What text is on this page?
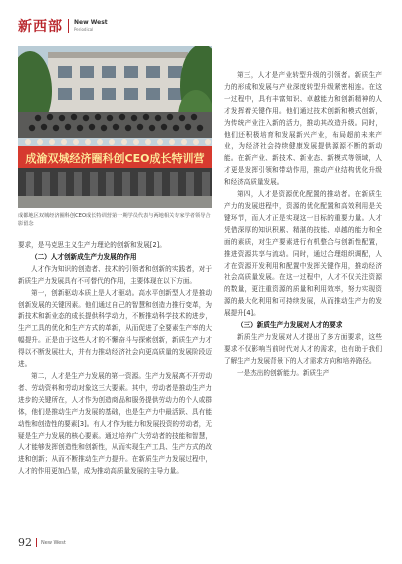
新西部 New West
Periodical
成渝双城经济圈科创CEO成长特训营
成都地区双城经济圈科创CEO成长特训营第一期学员代表与两地相关专家学者领导合影留念

要求，是马克思主义生产力理论的创新和发展[2]。

（二）人才创新成生产力发展的作用

人才作为知识的创造者、技术的引领者和创新的实践者，对于新质生产力发展具有不可替代的作用，主要体现在以下方面。

第一，创新驱动本质上是人才驱动。高水平创新型人才是推动创新发展的关键因素。他们通过自己的智慧和创造力推行变革，为新技术和新业态的成长提供科学动力，不断推动科学技术的进步，生产工具的优化和生产方式的革新，从而促进了全要素生产率的大幅提升。正是由于这些人才的不懈奋斗与探索创新，新质生产力才得以不断发展壮大，并有力推动经济社会向更高质量的发展阶段迈进。

第二，人才是生产力发展的第一资源。生产力发展离不开劳动者、劳动资料和劳动对象这三大要素。其中，劳动者是推动生产力进步的关键所在，人才作为创造商品和服务提供劳动力的个人或群体，他们是推动生产力发展的基础，也是生产力中最活跃、具有能动性和创造性的要素[3]。有人才作为能力和发展投资的劳动者，无疑是生产力发展的核心要素。通过培养广大劳动者的技能和智慧，人才能够发挥创造性和创新性，从而实现生产工具、生产方式的改进和创新；从而不断推动生产力提升。在新质生产力发展过程中，人才的作用更加凸显，成为推动高质量发展的主导力量。

第三，人才是产业转型升级的引领者。新质生产力的形成和发展与产业深度转型升级紧密相连。在这一过程中，具有丰富知识、卓越能力和创新精神的人才发挥着关键作用。他们通过技术创新和模式创新，为传统产业注入新的活力，推动其改造升级。同时，他们还积极培育和发展新兴产业，布局超前未来产业，为经济社会持续健康发展提供源源不断的新动能。在新产业、新技术、新业态、新模式等领域，人才更是发挥引领和带动作用，推动产业结构优化升级和经济高质量发展。

第四，人才是资源优化配置的推动者。在新质生产力的发展进程中，资源的优化配置和高效利用是关键环节，而人才正是实现这一目标的重要力量。人才凭借深厚的知识积累、精湛的技能、卓越的能力和全面的素质，对生产要素进行有机整合与创新性配置，推进资源共享与流动。同时，通过合理组织调配，人才在资源开发利用和配置中发挥关键作用，推动经济社会高质量发展。在这一过程中，人才不仅关注资源的数量，更注重资源的质量和利用效率，努力实现资源的最大化利用和可持续发展，从而推动生产力的发展提升[4]。

（三）新质生产力发展对人才的要求

新质生产力发展对人才提出了多方面要求，这些要求不仅影响当前时代对人才的需求，也有助于我们了解生产力发展背景下的人才需求方向和培养路径。

一是杰出的创新能力。新质生产

92 New West
